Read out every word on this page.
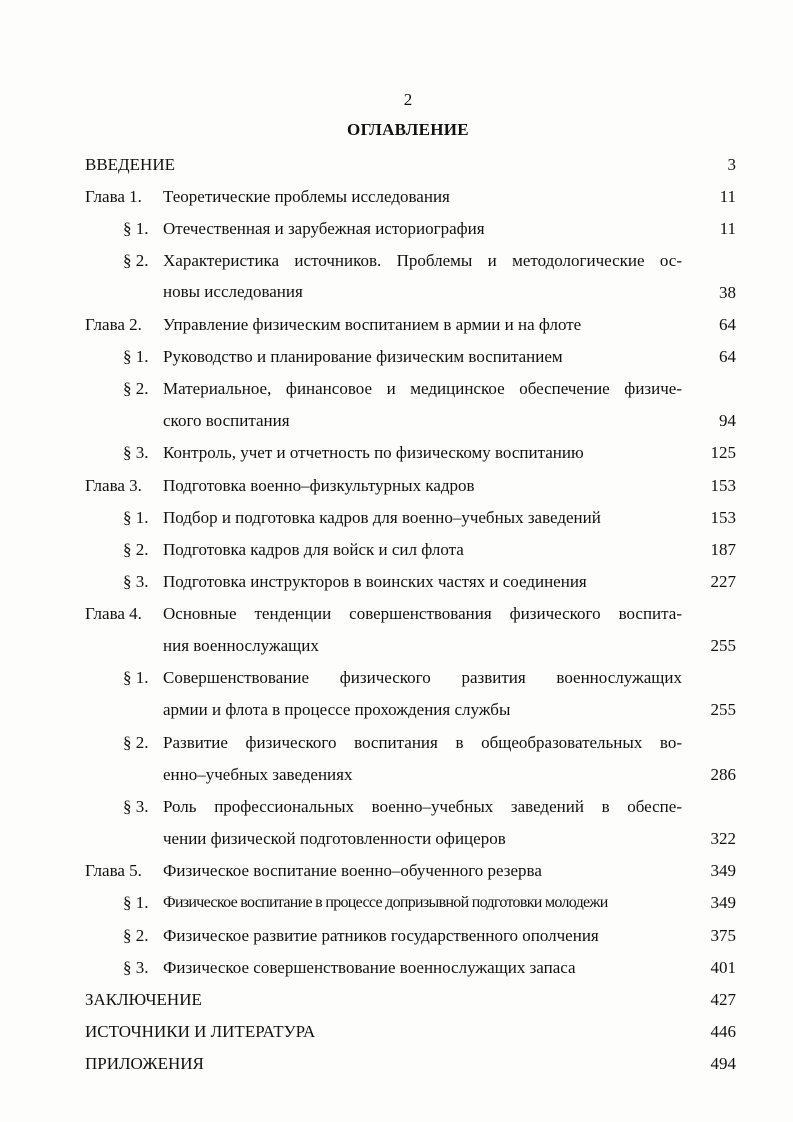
2
ОГЛАВЛЕНИЕ
ВВЕДЕНИЕ	3
Глава 1. Теоретические проблемы исследования	11
§ 1. Отечественная и зарубежная историография	11
§ 2. Характеристика источников. Проблемы и методологические ос-
новы исследования	38
Глава 2. Управление физическим воспитанием в армии и на флоте	64
§ 1. Руководство и планирование физическим воспитанием	64
§ 2. Материальное, финансовое и медицинское обеспечение физиче-
ского воспитания	94
§ 3. Контроль, учет и отчетность по физическому воспитанию	125
Глава 3. Подготовка военно–физкультурных кадров	153
§ 1. Подбор и подготовка кадров для военно–учебных заведений	153
§ 2. Подготовка кадров для войск и сил флота	187
§ 3. Подготовка инструкторов в воинских частях и соединения	227
Глава 4. Основные тенденции совершенствования физического воспита-
ния военнослужащих	255
§ 1. Совершенствование физического развития военнослужащих
армии и флота в процессе прохождения службы	255
§ 2. Развитие физического воспитания в общеобразовательных во-
енно–учебных заведениях	286
§ 3. Роль профессиональных военно–учебных заведений в обеспе-
чении физической подготовленности офицеров	322
Глава 5. Физическое воспитание военно–обученного резерва	349
§ 1. Физическое воспитание в процессе допризывной подготовки молодежи	349
§ 2. Физическое развитие ратников государственного ополчения	375
§ 3. Физическое совершенствование военнослужащих запаса	401
ЗАКЛЮЧЕНИЕ	427
ИСТОЧНИКИ И ЛИТЕРАТУРА	446
ПРИЛОЖЕНИЯ	494
